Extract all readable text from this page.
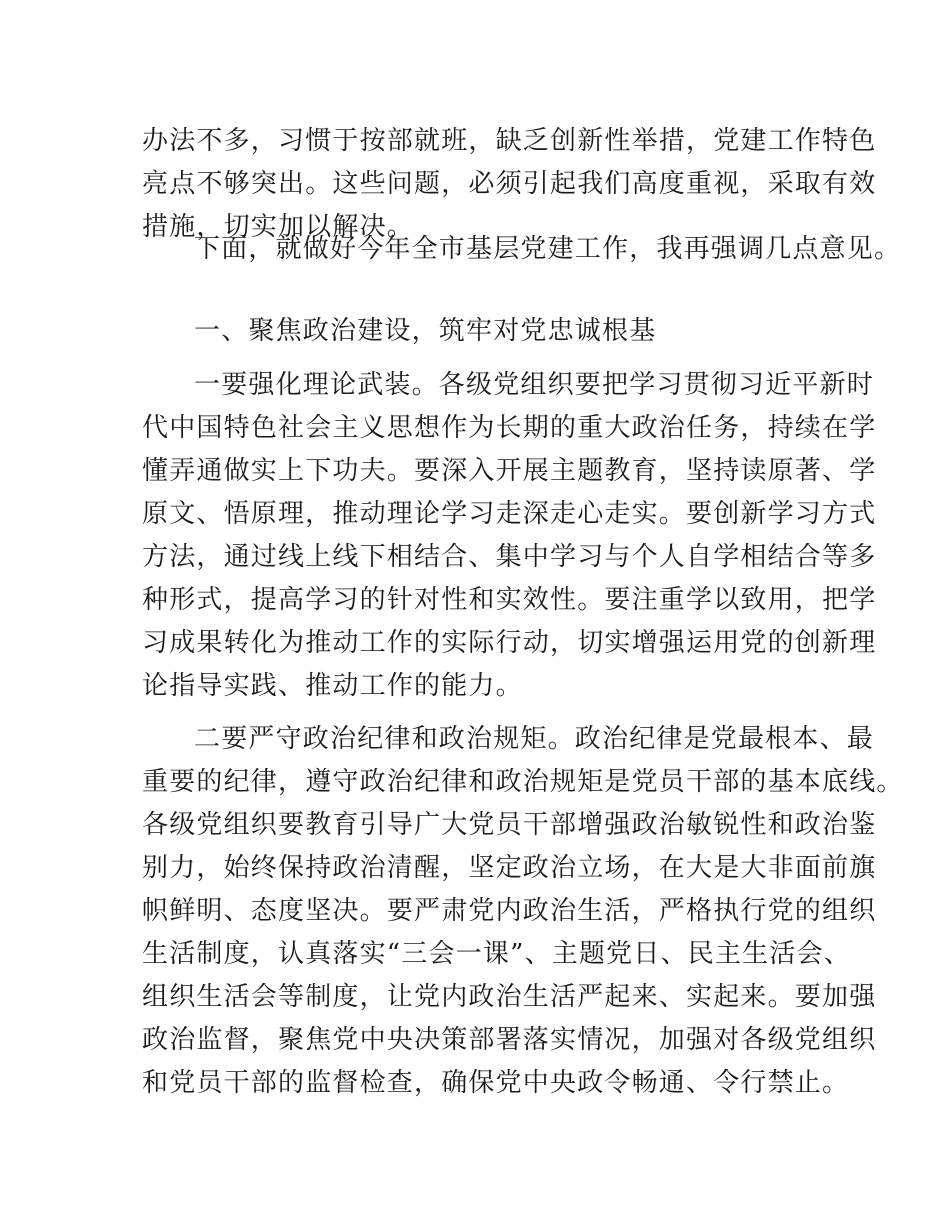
办法不多，习惯于按部就班，缺乏创新性举措，党建工作特色
亮点不够突出。这些问题，必须引起我们高度重视，采取有效
措施，切实加以解决。
下面，就做好今年全市基层党建工作，我再强调几点意见。
一、聚焦政治建设，筑牢对党忠诚根基
一要强化理论武装。各级党组织要把学习贯彻习近平新时
代中国特色社会主义思想作为长期的重大政治任务，持续在学
懂弄通做实上下功夫。要深入开展主题教育，坚持读原著、学
原文、悟原理，推动理论学习走深走心走实。要创新学习方式
方法，通过线上线下相结合、集中学习与个人自学相结合等多
种形式，提高学习的针对性和实效性。要注重学以致用，把学
习成果转化为推动工作的实际行动，切实增强运用党的创新理
论指导实践、推动工作的能力。
二要严守政治纪律和政治规矩。政治纪律是党最根本、最
重要的纪律，遵守政治纪律和政治规矩是党员干部的基本底线。
各级党组织要教育引导广大党员干部增强政治敏锐性和政治鉴
别力，始终保持政治清醒，坚定政治立场，在大是大非面前旗
帜鲜明、态度坚决。要严肃党内政治生活，严格执行党的组织
生活制度，认真落实“三会一课”、主题党日、民主生活会、
组织生活会等制度，让党内政治生活严起来、实起来。要加强
政治监督，聚焦党中央决策部署落实情况，加强对各级党组织
和党员干部的监督检查，确保党中央政令畅通、令行禁止。
